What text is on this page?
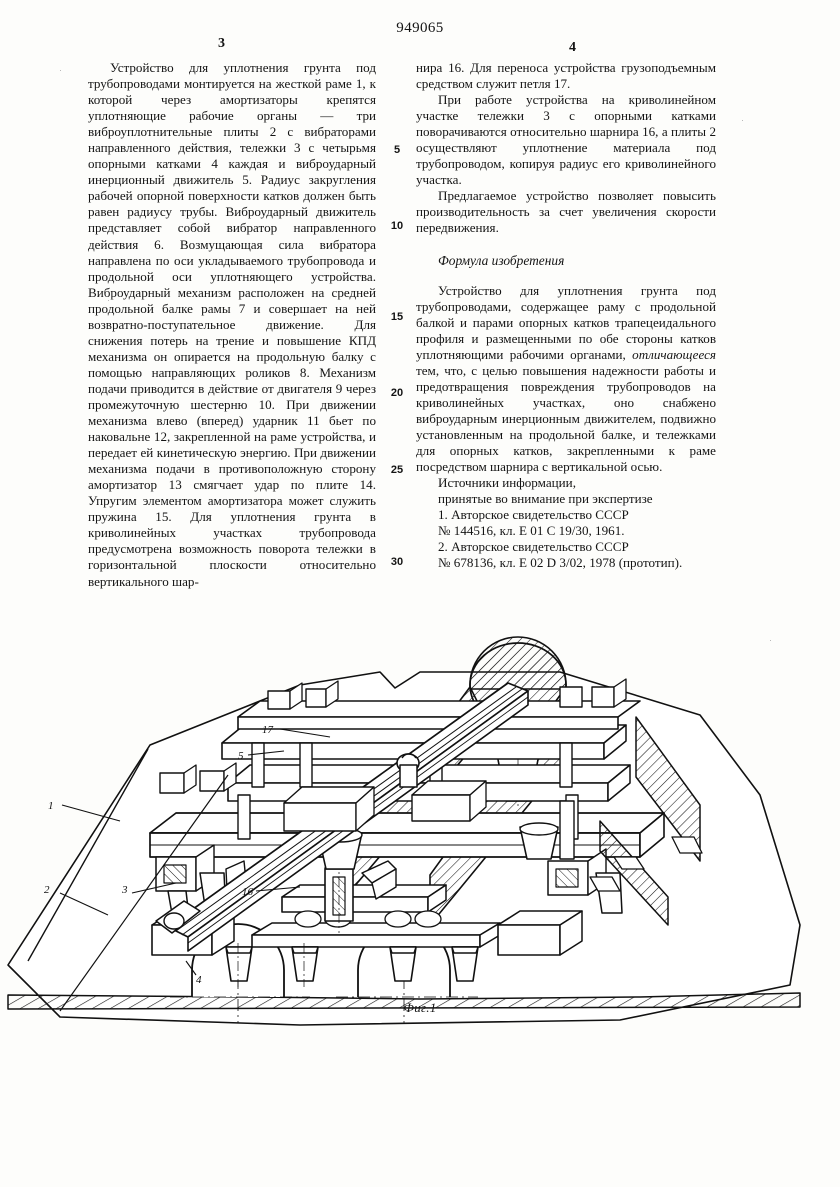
949065
3	4

Устройство для уплотнения грунта под трубопроводами монтируется на жесткой раме 1, к которой через амортизаторы крепятся уплотняющие рабочие органы — три виброуплотнительные плиты 2 с вибраторами направленного действия, тележки 3 с четырьмя опорными катками 4 каждая и виброударный инерционный движитель 5. Радиус закругления рабочей опорной поверхности катков должен быть равен радиусу трубы. Виброударный движитель представляет собой вибратор направленного действия 6. Возмущающая сила вибратора направлена по оси укладываемого трубопровода и продольной оси уплотняющего устройства. Виброударный механизм расположен на средней продольной балке рамы 7 и совершает на ней возвратно-поступательное движение. Для снижения потерь на трение и повышение КПД механизма он опирается на продольную балку с помощью направляющих роликов 8. Механизм подачи приводится в действие от двигателя 9 через промежуточную шестерню 10. При движении механизма влево (вперед) ударник 11 бьет по наковальне 12, закрепленной на раме устройства, и передает ей кинетическую энергию. При движении механизма подачи в противоположную сторону амортизатор 13 смягчает удар по плите 14. Упругим элементом амортизатора может служить пружина 15. Для уплотнения грунта в криволинейных участках трубопровода предусмотрена возможность поворота тележки в горизонтальной плоскости относительно вертикального шар-

нира 16. Для переноса устройства грузоподъемным средством служит петля 17.

При работе устройства на криволинейном участке тележки 3 с опорными катками поворачиваются относительно шарнира 16, а плиты 2 осуществляют уплотнение материала под трубопроводом, копируя радиус его криволинейного участка.

Предлагаемое устройство позволяет повысить производительность за счет увеличения скорости передвижения.

Формула изобретения

Устройство для уплотнения грунта под трубопроводами, содержащее раму с продольной балкой и парами опорных катков трапецеидального профиля и размещенными по обе стороны катков уплотняющими рабочими органами, отличающееся тем, что, с целью повышения надежности работы и предотвращения повреждения трубопроводов на криволинейных участках, оно снабжено виброударным инерционным движителем, подвижно установленным на продольной балке, и тележками для опорных катков, закрепленными к раме посредством шарнира с вертикальной осью.

Источники информации,

принятые во внимание при экспертизе

1. Авторское свидетельство СССР

№ 144516, кл. Е 01 С 19/30, 1961.

2. Авторское свидетельство СССР

№ 678136, кл. Е 02 D 3/02, 1978 (прототип).

5
10
15
20
25
30
1
2	3
4
5
16
17
Фиг.1
